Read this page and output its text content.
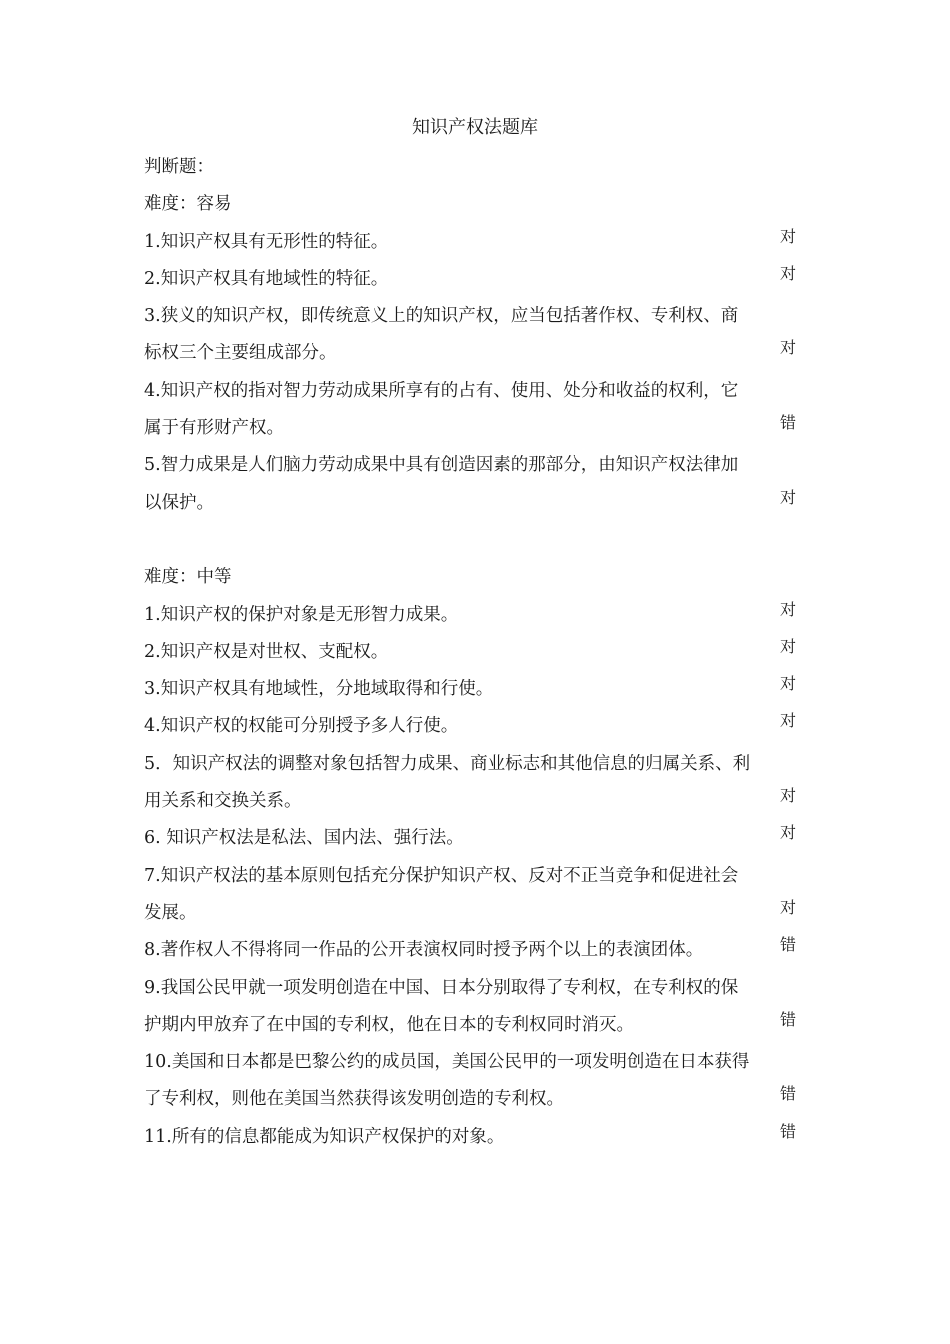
知识产权法题库
判断题：
难度：容易
1.知识产权具有无形性的特征。	对
2.知识产权具有地域性的特征。	对
3.狭义的知识产权，即传统意义上的知识产权，应当包括著作权、专利权、商
标权三个主要组成部分。	对
4.知识产权的指对智力劳动成果所享有的占有、使用、处分和收益的权利，它
属于有形财产权。	错
5.智力成果是人们脑力劳动成果中具有创造因素的那部分，由知识产权法律加
以保护。	对
难度：中等
1.知识产权的保护对象是无形智力成果。	对
2.知识产权是对世权、支配权。	对
3.知识产权具有地域性，分地域取得和行使。	对
4.知识产权的权能可分别授予多人行使。	对
5．知识产权法的调整对象包括智力成果、商业标志和其他信息的归属关系、利
用关系和交换关系。	对
6. 知识产权法是私法、国内法、强行法。	对
7.知识产权法的基本原则包括充分保护知识产权、反对不正当竞争和促进社会
发展。	对
8.著作权人不得将同一作品的公开表演权同时授予两个以上的表演团体。	错
9.我国公民甲就一项发明创造在中国、日本分别取得了专利权，在专利权的保
护期内甲放弃了在中国的专利权，他在日本的专利权同时消灭。	错
10.美国和日本都是巴黎公约的成员国，美国公民甲的一项发明创造在日本获得
了专利权，则他在美国当然获得该发明创造的专利权。	错
11.所有的信息都能成为知识产权保护的对象。	错
